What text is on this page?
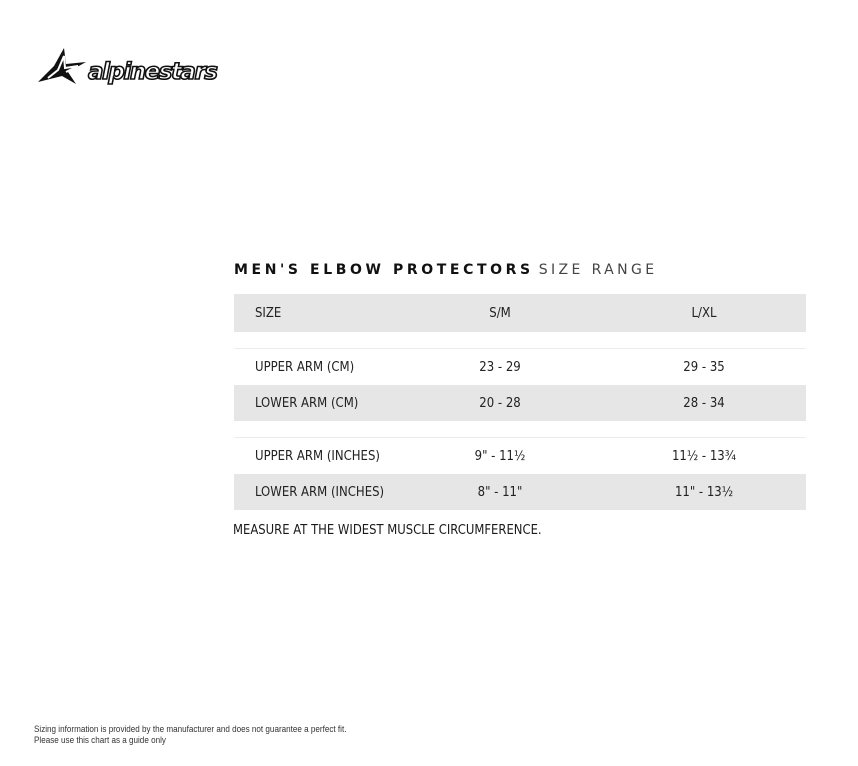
alpinestars
MEN'S ELBOW PROTECTORS SIZE RANGE
SIZE	S/M	L/XL
UPPER ARM (CM)	23 - 29	29 - 35
LOWER ARM (CM)	20 - 28	28 - 34
UPPER ARM (INCHES)	9" - 11½	11½ - 13¾
LOWER ARM (INCHES)	8" - 11"	11" - 13½
MEASURE AT THE WIDEST MUSCLE CIRCUMFERENCE.
Sizing information is provided by the manufacturer and does not guarantee a perfect fit.
Please use this chart as a guide only
